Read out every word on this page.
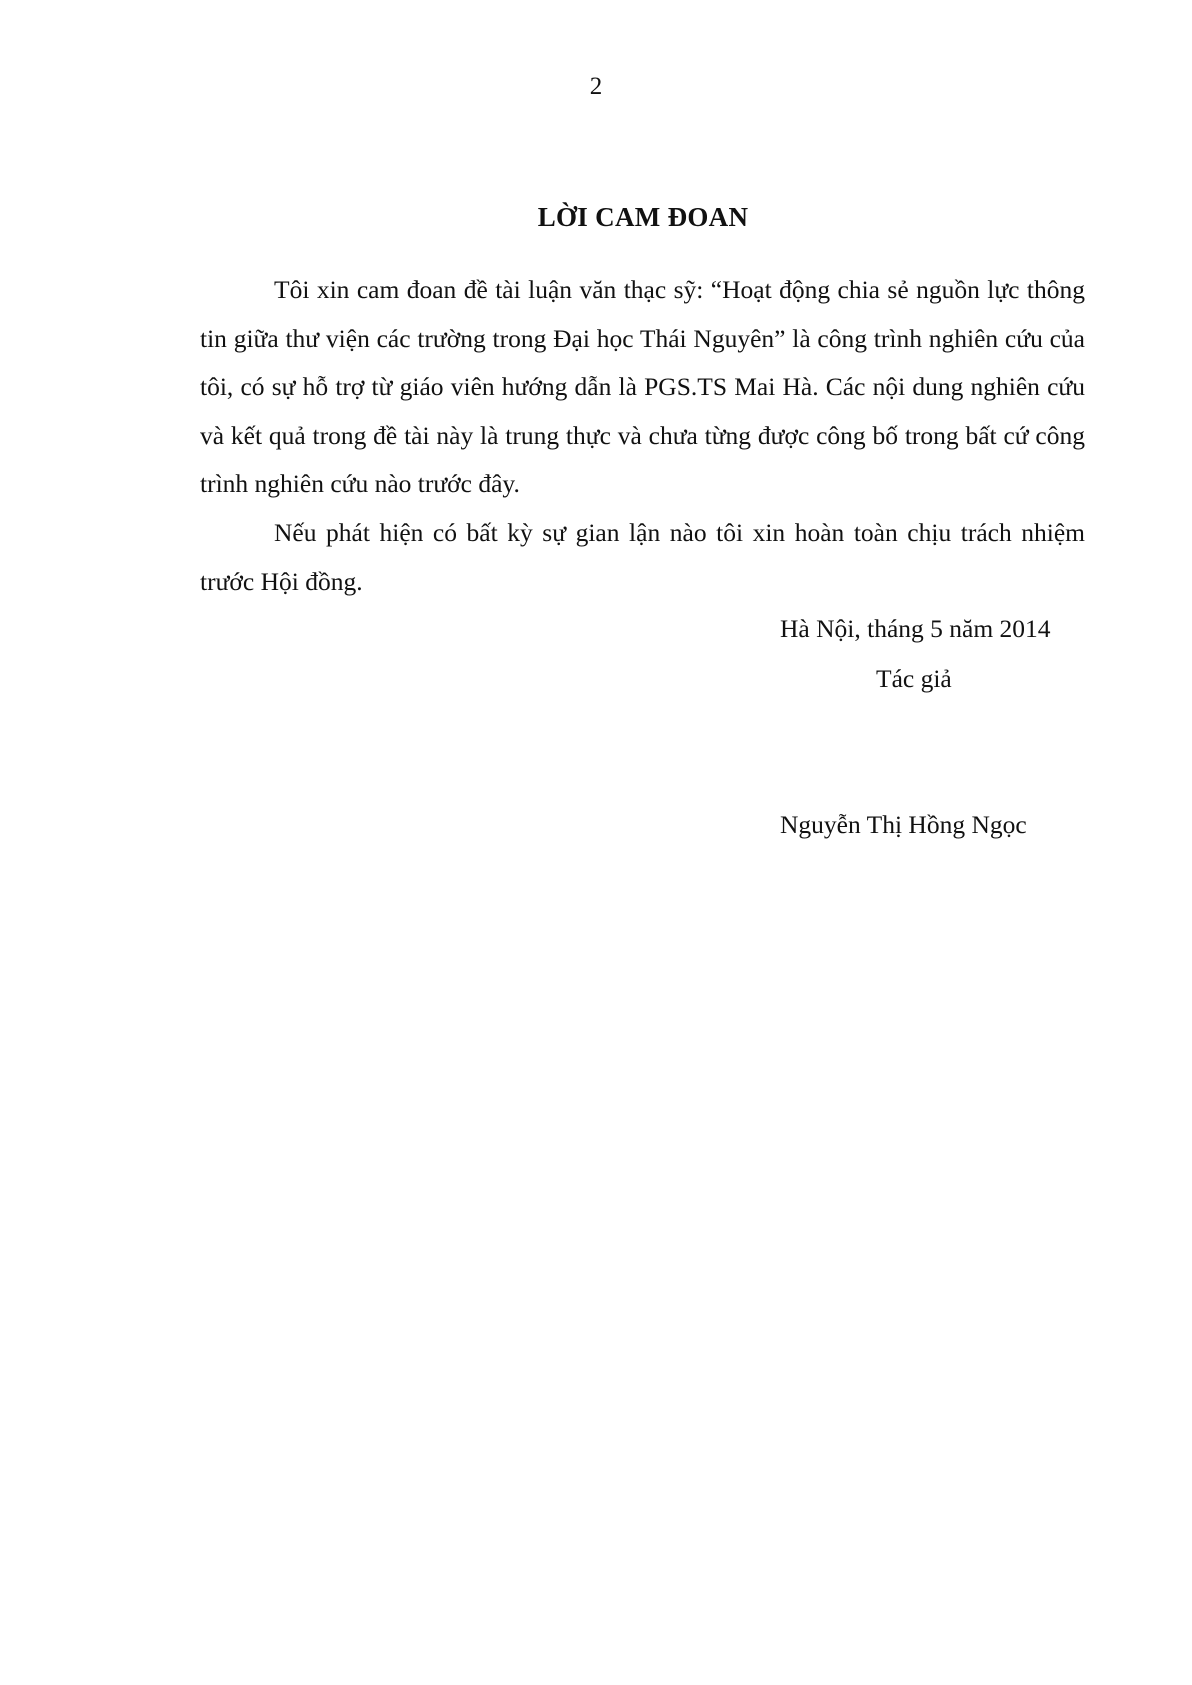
2
LỜI CAM ĐOAN

Tôi xin cam đoan đề tài luận văn thạc sỹ: “Hoạt động chia sẻ nguồn lực thông tin giữa thư viện các trường trong Đại học Thái Nguyên” là công trình nghiên cứu của tôi, có sự hỗ trợ từ giáo viên hướng dẫn là PGS.TS Mai Hà. Các nội dung nghiên cứu và kết quả trong đề tài này là trung thực và chưa từng được công bố trong bất cứ công trình nghiên cứu nào trước đây.

Nếu phát hiện có bất kỳ sự gian lận nào tôi xin hoàn toàn chịu trách nhiệm trước Hội đồng.

Hà Nội, tháng 5 năm 2014
Tác giả
Nguyễn Thị Hồng Ngọc
